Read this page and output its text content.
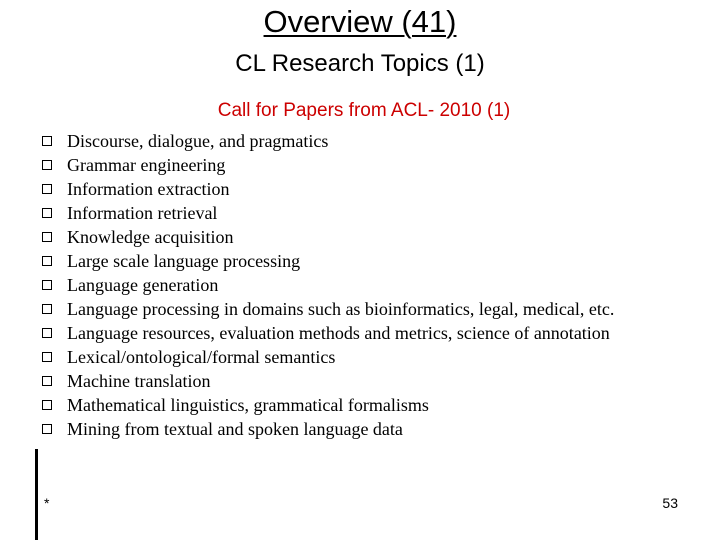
Overview (41)
CL Research Topics (1)
Call for Papers from ACL- 2010 (1)
Discourse, dialogue, and pragmatics
Grammar engineering
Information extraction
Information retrieval
Knowledge acquisition
Large scale language processing
Language generation
Language processing in domains such as bioinformatics, legal, medical, etc.
Language resources, evaluation methods and metrics, science of annotation
Lexical/ontological/formal semantics
Machine translation
Mathematical linguistics, grammatical formalisms
Mining from textual and spoken language data
*	53
